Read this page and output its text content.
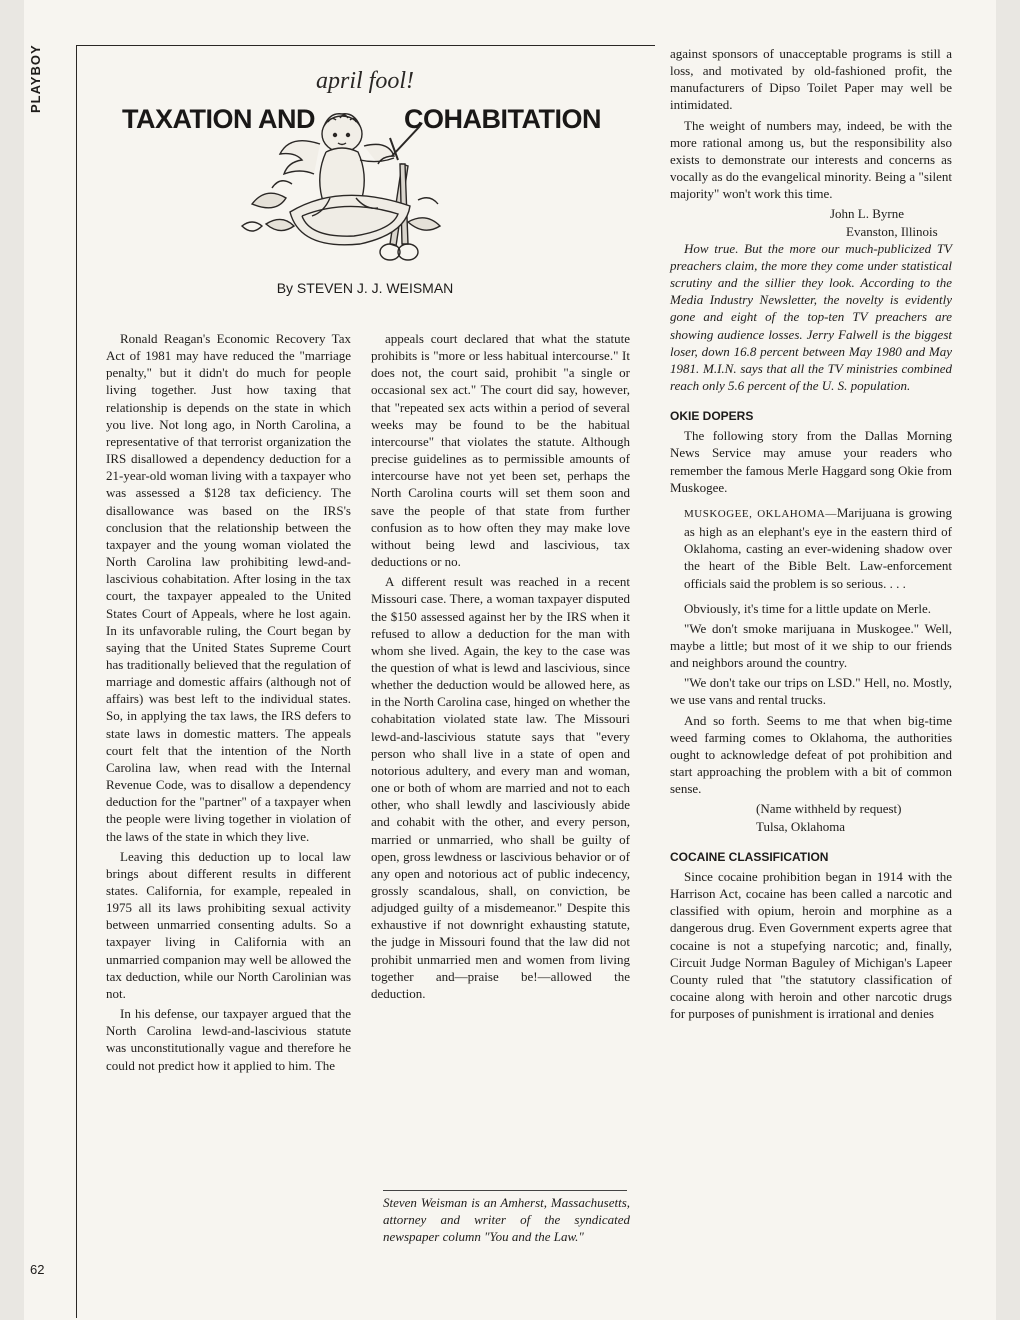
PLAYBOY
62
april fool!
TAXATION AND	COHABITATION
By STEVEN J. J. WEISMAN

Ronald Reagan's Economic Recovery Tax Act of 1981 may have reduced the "marriage penalty," but it didn't do much for people living together. Just how taxing that relationship is depends on the state in which you live. Not long ago, in North Carolina, a representative of that terrorist organization the IRS disallowed a dependency deduction for a 21-year-old woman living with a taxpayer who was assessed a $128 tax deficiency. The disallowance was based on the IRS's conclusion that the relationship between the taxpayer and the young woman violated the North Carolina law prohibiting lewd-and-lascivious cohabitation. After losing in the tax court, the taxpayer appealed to the United States Court of Appeals, where he lost again. In its unfavorable ruling, the Court began by saying that the United States Supreme Court has traditionally believed that the regulation of marriage and domestic affairs (although not of affairs) was best left to the individual states. So, in applying the tax laws, the IRS defers to state laws in domestic matters. The appeals court felt that the intention of the North Carolina law, when read with the Internal Revenue Code, was to disallow a dependency deduction for the "partner" of a taxpayer when the people were living together in violation of the laws of the state in which they live.

Leaving this deduction up to local law brings about different results in different states. California, for example, repealed in 1975 all its laws prohibiting sexual activity between unmarried consenting adults. So a taxpayer living in California with an unmarried companion may well be allowed the tax deduction, while our North Carolinian was not.

In his defense, our taxpayer argued that the North Carolina lewd-and-lascivious statute was unconstitutionally vague and therefore he could not predict how it applied to him. The

appeals court declared that what the statute prohibits is "more or less habitual intercourse." It does not, the court said, prohibit "a single or occasional sex act." The court did say, however, that "repeated sex acts within a period of several weeks may be found to be the habitual intercourse" that violates the statute. Although precise guidelines as to permissible amounts of intercourse have not yet been set, perhaps the North Carolina courts will set them soon and save the people of that state from further confusion as to how often they may make love without being lewd and lascivious, tax deductions or no.

A different result was reached in a recent Missouri case. There, a woman taxpayer disputed the $150 assessed against her by the IRS when it refused to allow a deduction for the man with whom she lived. Again, the key to the case was the question of what is lewd and lascivious, since whether the deduction would be allowed here, as in the North Carolina case, hinged on whether the cohabitation violated state law. The Missouri lewd-and-lascivious statute says that "every person who shall live in a state of open and notorious adultery, and every man and woman, one or both of whom are married and not to each other, who shall lewdly and lasciviously abide and cohabit with the other, and every person, married or unmarried, who shall be guilty of open, gross lewdness or lascivious behavior or of any open and notorious act of public indecency, grossly scandalous, shall, on conviction, be adjudged guilty of a misdemeanor." Despite this exhaustive if not downright exhausting statute, the judge in Missouri found that the law did not prohibit unmarried men and women from living together and—praise be!—allowed the deduction.

Steven Weisman is an Amherst, Massachusetts, attorney and writer of the syndicated newspaper column "You and the Law."

against sponsors of unacceptable programs is still a loss, and motivated by old-fashioned profit, the manufacturers of Dipso Toilet Paper may well be intimidated.

The weight of numbers may, indeed, be with the more rational among us, but the responsibility also exists to demonstrate our interests and concerns as vocally as do the evangelical minority. Being a "silent majority" won't work this time.

John L. Byrne

Evanston, Illinois

How true. But the more our much-publicized TV preachers claim, the more they come under statistical scrutiny and the sillier they look. According to the Media Industry Newsletter, the novelty is evidently gone and eight of the top-ten TV preachers are showing audience losses. Jerry Falwell is the biggest loser, down 16.8 percent between May 1980 and May 1981. M.I.N. says that all the TV ministries combined reach only 5.6 percent of the U. S. population.

OKIE DOPERS

The following story from the Dallas Morning News Service may amuse your readers who remember the famous Merle Haggard song Okie from Muskogee.

MUSKOGEE, OKLAHOMA—Marijuana is growing as high as an elephant's eye in the eastern third of Oklahoma, casting an ever-widening shadow over the heart of the Bible Belt. Law-enforcement officials said the problem is so serious. . . .

Obviously, it's time for a little update on Merle.

"We don't smoke marijuana in Muskogee." Well, maybe a little; but most of it we ship to our friends and neighbors around the country.

"We don't take our trips on LSD." Hell, no. Mostly, we use vans and rental trucks.

And so forth. Seems to me that when big-time weed farming comes to Oklahoma, the authorities ought to acknowledge defeat of pot prohibition and start approaching the problem with a bit of common sense.

(Name withheld by request)

Tulsa, Oklahoma

COCAINE CLASSIFICATION

Since cocaine prohibition began in 1914 with the Harrison Act, cocaine has been called a narcotic and classified with opium, heroin and morphine as a dangerous drug. Even Government experts agree that cocaine is not a stupefying narcotic; and, finally, Circuit Judge Norman Baguley of Michigan's Lapeer County ruled that "the statutory classification of cocaine along with heroin and other narcotic drugs for purposes of punishment is irrational and denies
